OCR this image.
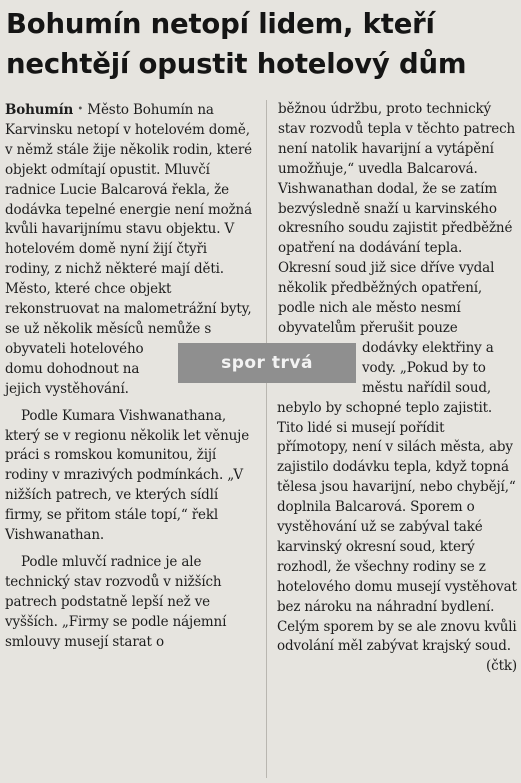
Bohumín netopí lidem, kteří nechtějí opustit hotelový dům

Bohumín • Město Bohumín na Karvinsku netopí v hotelovém domě, v němž stále žije několik rodin, které objekt odmítají opustit. Mluvčí radnice Lucie Balcarová řekla, že dodávka tepelné energie není možná kvůli havarijnímu stavu objektu. V hotelovém domě nyní žijí čtyři rodiny, z nichž některé mají děti. Město, které chce objekt rekonstruovat na malometrážní byty, se už několik měsíců nemůže s obyvateli hotelového domu dohodnout na jejich vystěhování.

Podle Kumara Vishwanathana, který se v regionu několik let věnuje práci s romskou komunitou, žijí rodiny v mrazivých podmínkách. „V nižších patrech, ve kterých sídlí firmy, se přitom stále topí,“ řekl Vishwanathan.

Podle mluvčí radnice je ale technický stav rozvodů v nižších patrech podstatně lepší než ve vyšších. „Firmy se podle nájemní smlouvy musejí starat o

běžnou údržbu, proto technický stav rozvodů tepla v těchto patrech není natolik havarijní a vytápění umožňuje,“ uvedla Balcarová. Vishwanathan dodal, že se zatím bezvýsledně snaží u karvinského okresního soudu zajistit předběžné opatření na dodávání tepla. Okresní soud již sice dříve vydal několik předběžných opatření, podle nich ale město nesmí obyvatelům přerušit pouze dodávky elektřiny a vody. „Pokud by to městu nařídil soud, nebylo by schopné teplo zajistit. Tito lidé si musejí pořídit přímotopy, není v silách města, aby zajistilo dodávku tepla, když topná tělesa jsou havarijní, nebo chybějí,“ doplnila Balcarová. Sporem o vystěhování už se zabýval také karvinský okresní soud, který rozhodl, že všechny rodiny se z hotelového domu musejí vystěhovat bez nároku na náhradní bydlení. Celým sporem by se ale znovu kvůli odvolání měl zabývat krajský soud.
(čtk)

spor trvá
